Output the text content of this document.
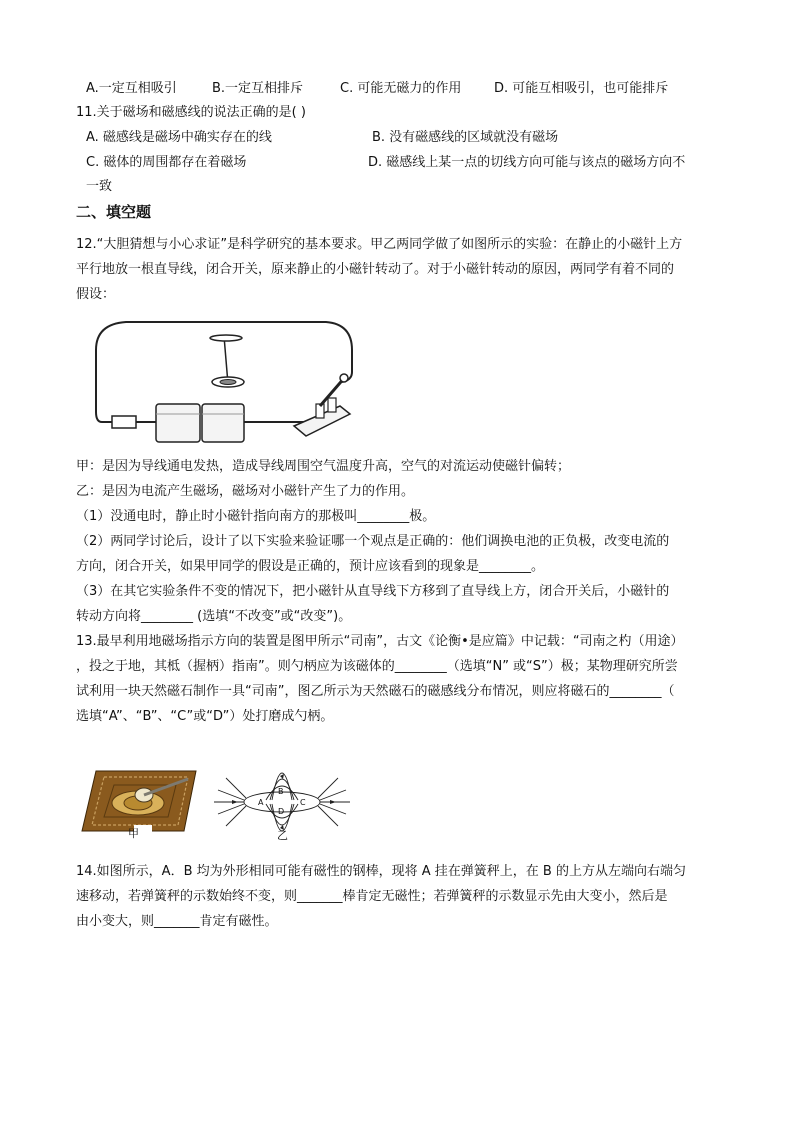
A.一定互相吸引	B.一定互相排斥	C. 可能无磁力的作用	D. 可能互相吸引，也可能排斥
11.关于磁场和磁感线的说法正确的是( )
A. 磁感线是磁场中确实存在的线	B. 没有磁感线的区域就没有磁场
C. 磁体的周围都存在着磁场	D. 磁感线上某一点的切线方向可能与该点的磁场方向不
一致
二、填空题
12.“大胆猜想与小心求证”是科学研究的基本要求。甲乙两同学做了如图所示的实验：在静止的小磁针上方
平行地放一根直导线，闭合开关，原来静止的小磁针转动了。对于小磁针转动的原因，两同学有着不同的
假设：
甲：是因为导线通电发热，造成导线周围空气温度升高，空气的对流运动使磁针偏转；
乙：是因为电流产生磁场，磁场对小磁针产生了力的作用。
（1）没通电时，静止时小磁针指向南方的那极叫________极。
（2）两同学讨论后，设计了以下实验来验证哪一个观点是正确的：他们调换电池的正负极，改变电流的
方向，闭合开关，如果甲同学的假设是正确的，预计应该看到的现象是________。
（3）在其它实验条件不变的情况下，把小磁针从直导线下方移到了直导线上方，闭合开关后，小磁针的
转动方向将________ (选填“不改变”或“改变”)。
13.最早利用地磁场指示方向的装置是图甲所示“司南”，古文《论衡•是应篇》中记载：“司南之杓（用途）
，投之于地，其柢（握柄）指南”。则勺柄应为该磁体的________（选填“N” 或“S”）极；某物理研究所尝
试利用一块天然磁石制作一具“司南”，图乙所示为天然磁石的磁感线分布情况，则应将磁石的________（
选填“A”、“B”、“C”或“D”）处打磨成勺柄。
甲
B
A	C
D
乙
14.如图所示，A．B 均为外形相同可能有磁性的钢棒，现将 A 挂在弹簧秤上，在 B 的上方从左端向右端匀
速移动，若弹簧秤的示数始终不变，则_______棒肯定无磁性；若弹簧秤的示数显示先由大变小，然后是
由小变大，则_______肯定有磁性。
